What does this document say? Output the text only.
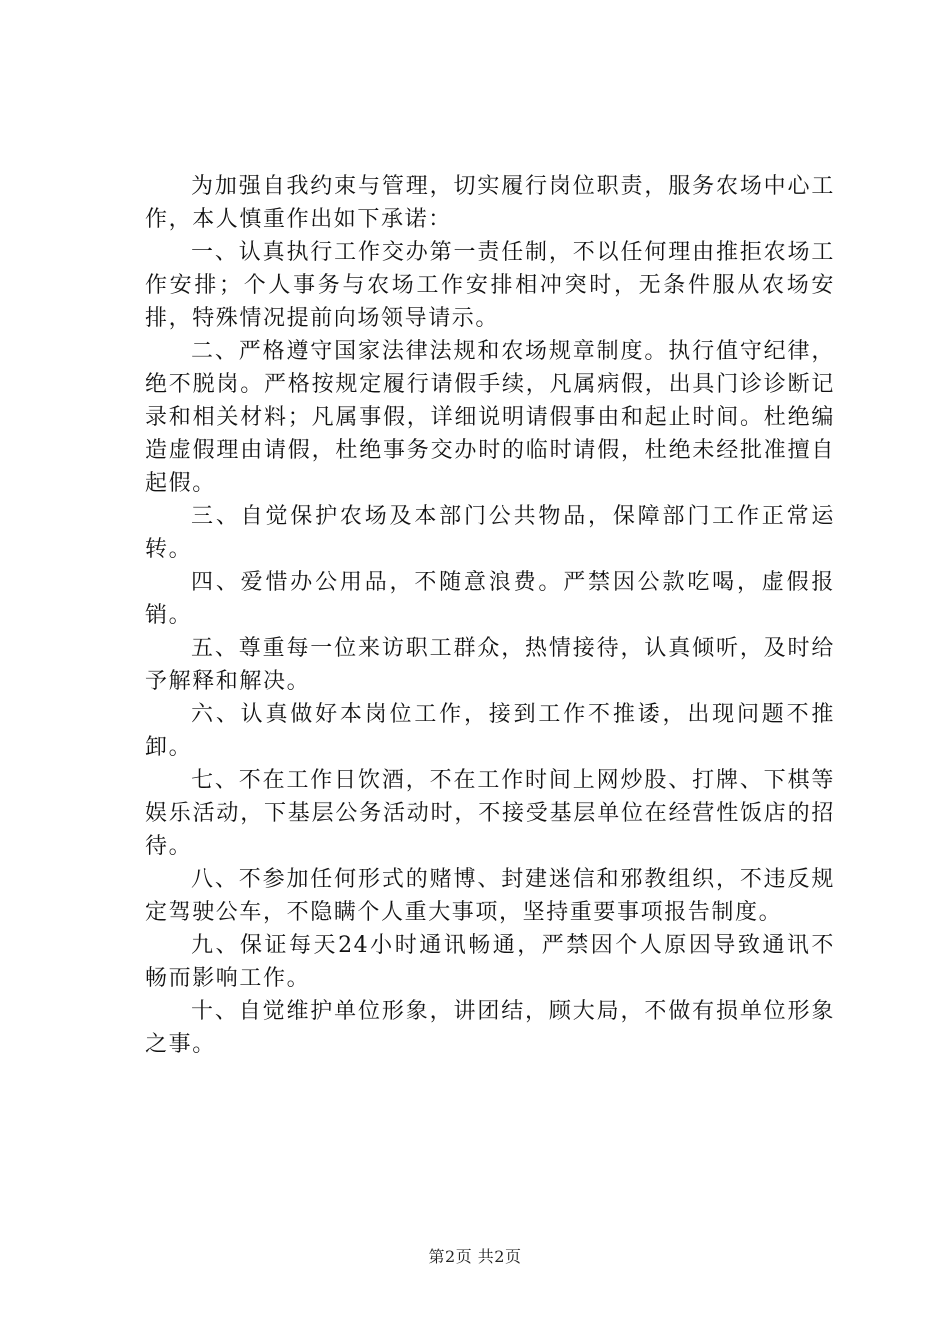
为加强自我约束与管理，切实履行岗位职责，服务农场中心工作，本人慎重作出如下承诺：

一、认真执行工作交办第一责任制，不以任何理由推拒农场工作安排；个人事务与农场工作安排相冲突时，无条件服从农场安排，特殊情况提前向场领导请示。

二、严格遵守国家法律法规和农场规章制度。执行值守纪律，绝不脱岗。严格按规定履行请假手续，凡属病假，出具门诊诊断记录和相关材料；凡属事假，详细说明请假事由和起止时间。杜绝编造虚假理由请假，杜绝事务交办时的临时请假，杜绝未经批准擅自起假。

三、自觉保护农场及本部门公共物品，保障部门工作正常运转。

四、爱惜办公用品，不随意浪费。严禁因公款吃喝，虚假报销。

五、尊重每一位来访职工群众，热情接待，认真倾听，及时给予解释和解决。

六、认真做好本岗位工作，接到工作不推诿，出现问题不推卸。

七、不在工作日饮酒，不在工作时间上网炒股、打牌、下棋等娱乐活动，下基层公务活动时，不接受基层单位在经营性饭店的招待。

八、不参加任何形式的赌博、封建迷信和邪教组织，不违反规定驾驶公车，不隐瞒个人重大事项，坚持重要事项报告制度。

九、保证每天24小时通讯畅通，严禁因个人原因导致通讯不畅而影响工作。

十、自觉维护单位形象，讲团结，顾大局，不做有损单位形象之事。

第2页 共2页
